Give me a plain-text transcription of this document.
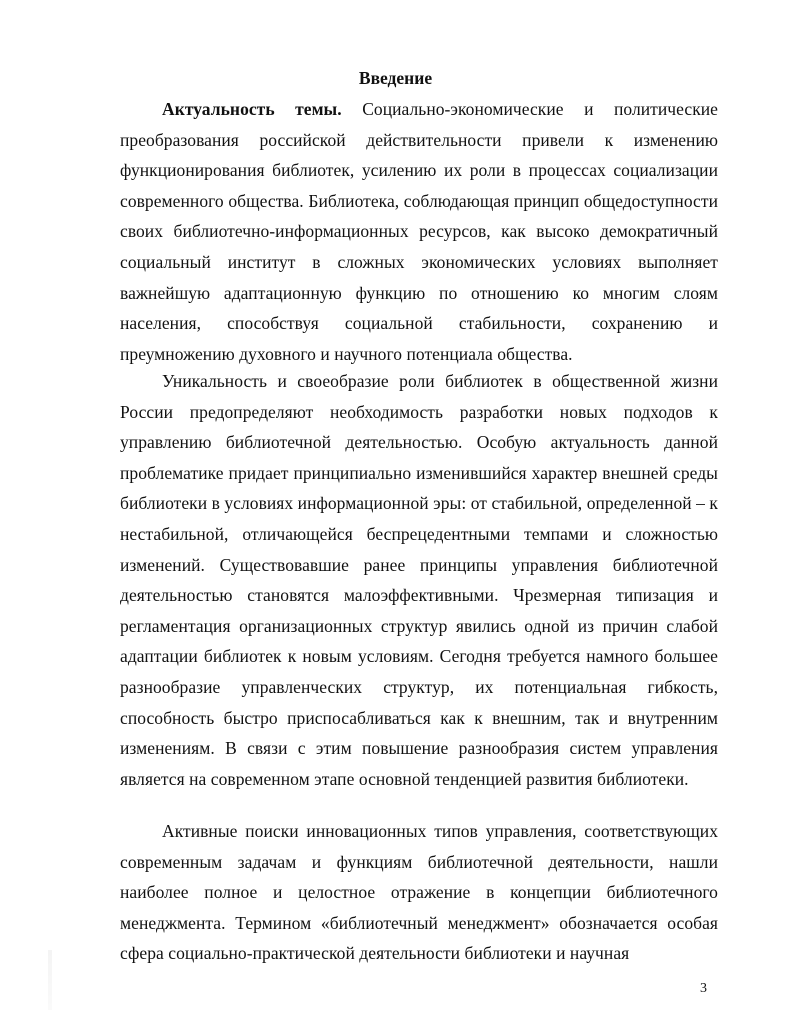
Введение

Актуальность темы. Социально-экономические и политические преобразования российской действительности привели к изменению функционирования библиотек, усилению их роли в процессах социализации современного общества. Библиотека, соблюдающая принцип общедоступности своих библиотечно-информационных ресурсов, как высоко демократичный социальный институт в сложных экономических условиях выполняет важнейшую адаптационную функцию по отношению ко многим слоям населения, способствуя социальной стабильности, сохранению и преумножению духовного и научного потенциала общества.

Уникальность и своеобразие роли библиотек в общественной жизни России предопределяют необходимость разработки новых подходов к управлению библиотечной деятельностью. Особую актуальность данной проблематике придает принципиально изменившийся характер внешней среды библиотеки в условиях информационной эры: от стабильной, определенной – к нестабильной, отличающейся беспрецедентными темпами и сложностью изменений. Существовавшие ранее принципы управления библиотечной деятельностью становятся малоэффективными. Чрезмерная типизация и регламентация организационных структур явились одной из причин слабой адаптации библиотек к новым условиям. Сегодня требуется намного большее разнообразие управленческих структур, их потенциальная гибкость, способность быстро приспосабливаться как к внешним, так и внутренним изменениям. В связи с этим повышение разнообразия систем управления является на современном этапе основной тенденцией развития библиотеки.

Активные поиски инновационных типов управления, соответствующих современным задачам и функциям библиотечной деятельности, нашли наиболее полное и целостное отражение в концепции библиотечного менеджмента. Термином «библиотечный менеджмент» обозначается особая сфера социально-практической деятельности библиотеки и научная

3
